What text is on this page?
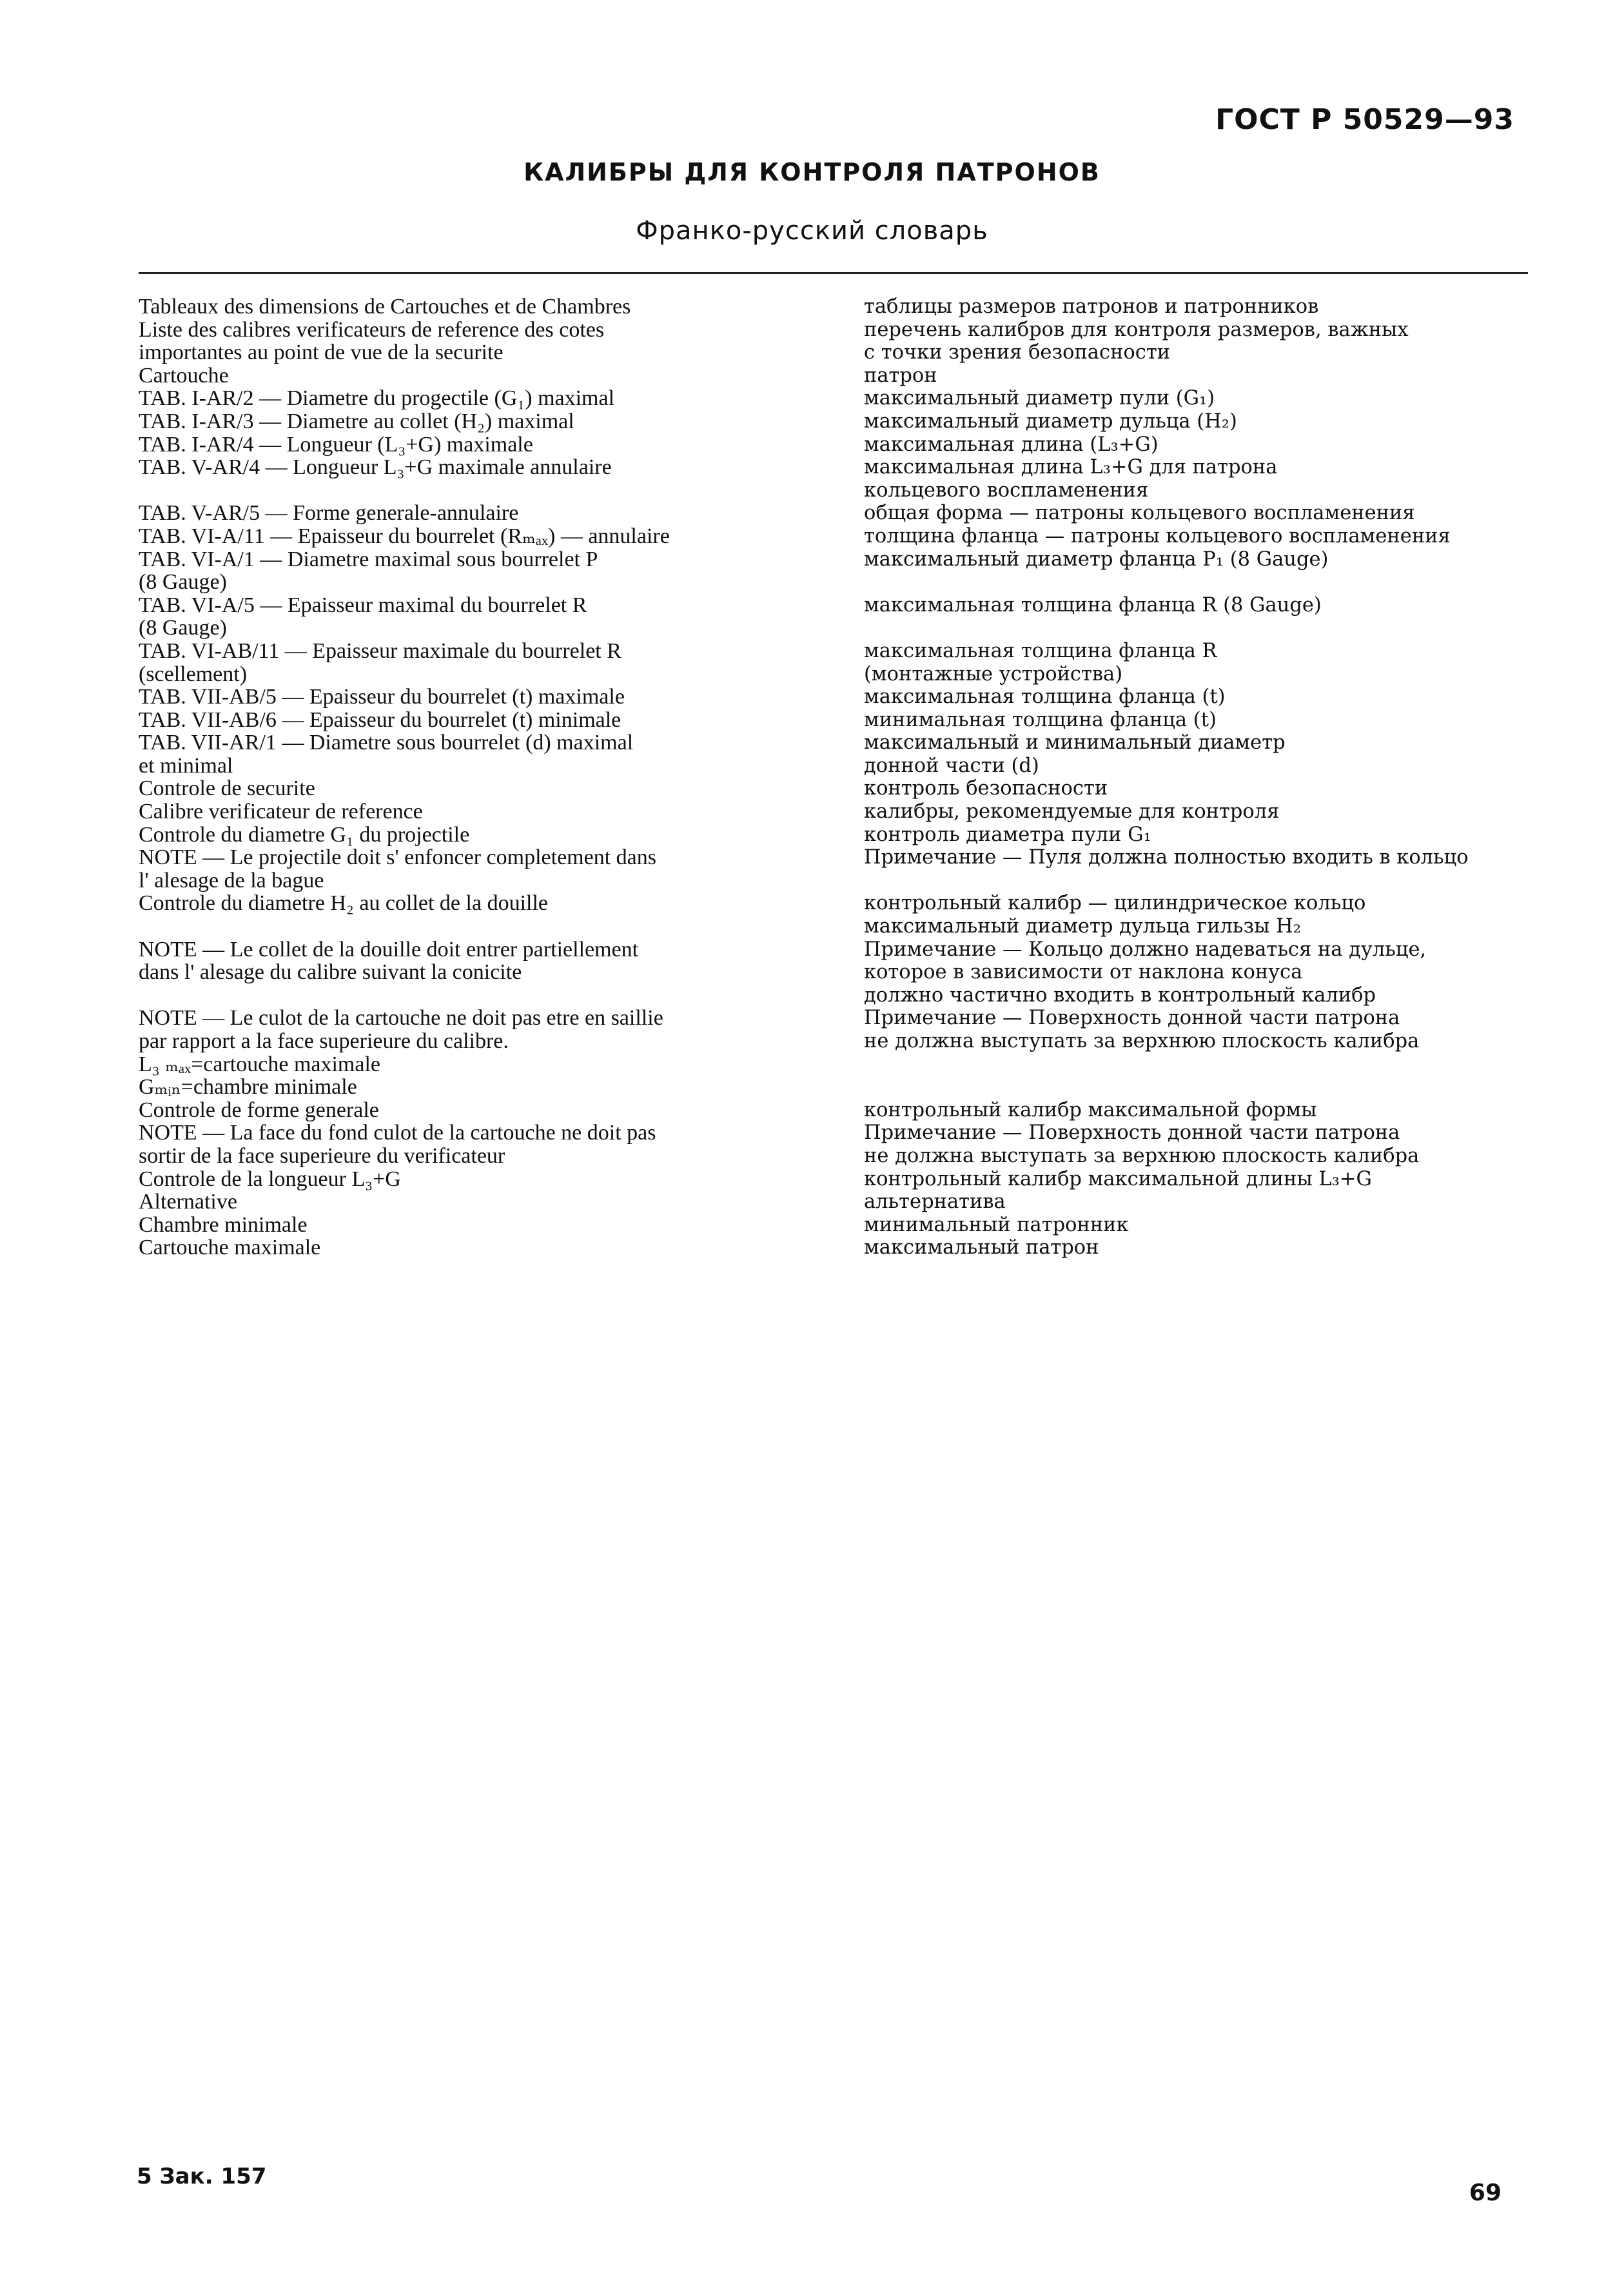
ГОСТ Р 50529—93
КАЛИБРЫ ДЛЯ КОНТРОЛЯ ПАТРОНОВ
Франко-русский словарь
Tableaux des dimensions de Cartouches et de Chambres
Liste des calibres verificateurs de reference des cotes
importantes au point de vue de la securite
Cartouche
TAB. I-AR/2 — Diametre du progectile (G₁) maximal
TAB. I-AR/3 — Diametre au collet (H₂) maximal
TAB. I-AR/4 — Longueur (L₃+G) maximale
TAB. V-AR/4 — Longueur L₃+G maximale annulaire
TAB. V-AR/5 — Forme generale-annulaire
TAB. VI-A/11 — Epaisseur du bourrelet (Rₘₐₓ) — annulaire
TAB. VI-A/1 — Diametre maximal sous bourrelet P
(8 Gauge)
TAB. VI-A/5 — Epaisseur maximal du bourrelet R
(8 Gauge)
TAB. VI-AB/11 — Epaisseur maximale du bourrelet R
(scellement)
TAB. VII-AB/5 — Epaisseur du bourrelet (t) maximale
TAB. VII-AB/6 — Epaisseur du bourrelet (t) minimale
TAB. VII-AR/1 — Diametre sous bourrelet (d) maximal
et minimal
Controle de securite
Calibre verificateur de reference
Controle du diametre G₁ du projectile
NOTE — Le projectile doit s' enfoncer completement dans
l' alesage de la bague
Controle du diametre H₂ au collet de la douille
NOTE — Le collet de la douille doit entrer partiellement
dans l' alesage du calibre suivant la conicite
NOTE — Le culot de la cartouche ne doit pas etre en saillie
par rapport a la face superieure du calibre.
L₃ ₘₐₓ=cartouche maximale
Gₘᵢₙ=chambre minimale
Controle de forme generale
NOTE — La face du fond culot de la cartouche ne doit pas
sortir de la face superieure du verificateur
Controle de la longueur L₃+G
Alternative
Chambre minimale
Cartouche maximale
таблицы размеров патронов и патронников
перечень калибров для контроля размеров, важных
с точки зрения безопасности
патрон
максимальный диаметр пули (G₁)
максимальный диаметр дульца (H₂)
максимальная длина (L₃+G)
максимальная длина L₃+G для патрона
кольцевого воспламенения
общая форма — патроны кольцевого воспламенения
толщина фланца — патроны кольцевого воспламенения
максимальный диаметр фланца P₁ (8 Gauge)
максимальная толщина фланца R (8 Gauge)
максимальная толщина фланца R
(монтажные устройства)
максимальная толщина фланца (t)
минимальная толщина фланца (t)
максимальный и минимальный диаметр
донной части (d)
контроль безопасности
калибры, рекомендуемые для контроля
контроль диаметра пули G₁
Примечание — Пуля должна полностью входить в кольцо
контрольный калибр — цилиндрическое кольцо
максимальный диаметр дульца гильзы H₂
Примечание — Кольцо должно надеваться на дульце,
которое в зависимости от наклона конуса
должно частично входить в контрольный калибр
Примечание — Поверхность донной части патрона
не должна выступать за верхнюю плоскость калибра
контрольный калибр максимальной формы
Примечание — Поверхность донной части патрона
не должна выступать за верхнюю плоскость калибра
контрольный калибр максимальной длины L₃+G
альтернатива
минимальный патронник
максимальный патрон
5 Зак. 157
69
